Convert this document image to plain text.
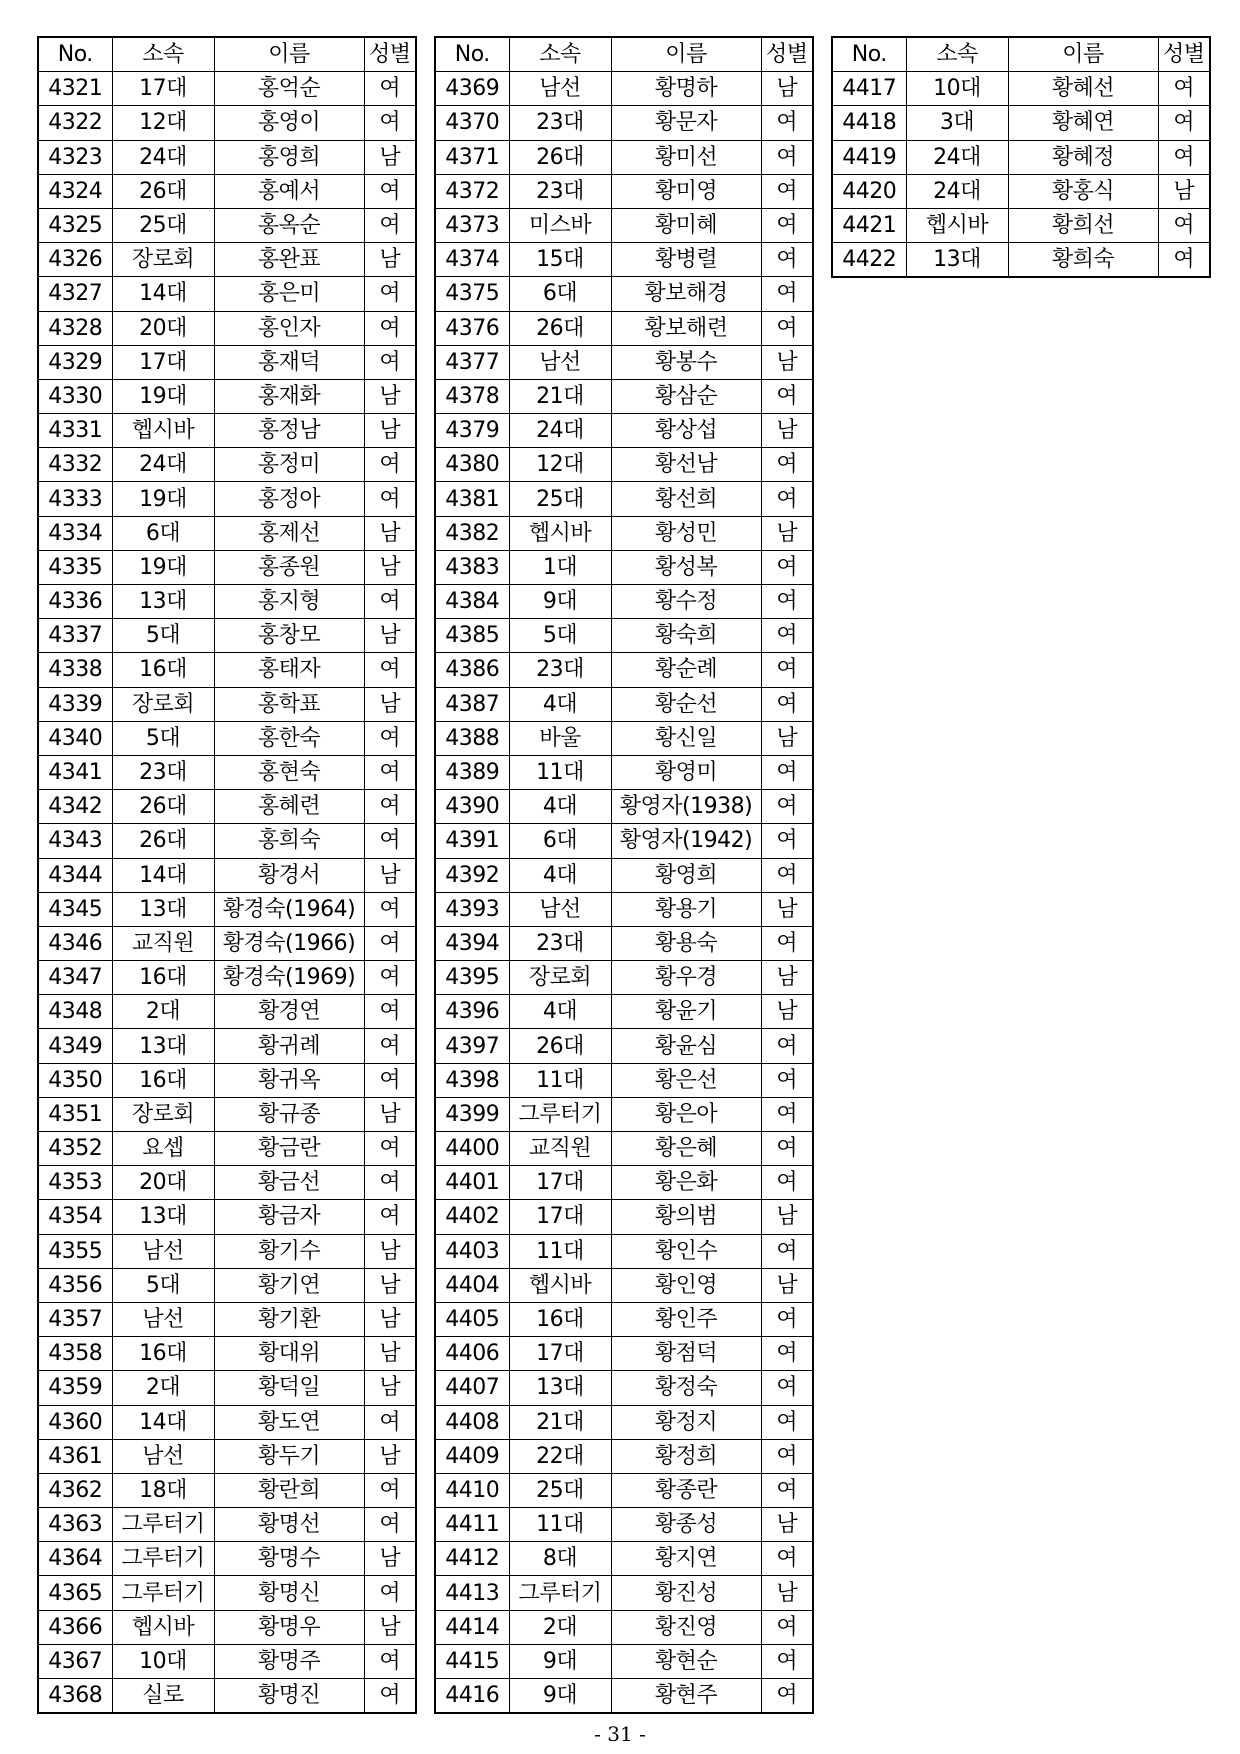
No.	소속	이름	성별
4321	17대	홍억순	여
4322	12대	홍영이	여
4323	24대	홍영희	남
4324	26대	홍예서	여
4325	25대	홍옥순	여
4326	장로회	홍완표	남
4327	14대	홍은미	여
4328	20대	홍인자	여
4329	17대	홍재덕	여
4330	19대	홍재화	남
4331	헵시바	홍정남	남
4332	24대	홍정미	여
4333	19대	홍정아	여
4334	6대	홍제선	남
4335	19대	홍종원	남
4336	13대	홍지형	여
4337	5대	홍창모	남
4338	16대	홍태자	여
4339	장로회	홍학표	남
4340	5대	홍한숙	여
4341	23대	홍현숙	여
4342	26대	홍혜련	여
4343	26대	홍희숙	여
4344	14대	황경서	남
4345	13대	황경숙(1964)	여
4346	교직원	황경숙(1966)	여
4347	16대	황경숙(1969)	여
4348	2대	황경연	여
4349	13대	황귀례	여
4350	16대	황귀옥	여
4351	장로회	황규종	남
4352	요셉	황금란	여
4353	20대	황금선	여
4354	13대	황금자	여
4355	남선	황기수	남
4356	5대	황기연	남
4357	남선	황기환	남
4358	16대	황대위	남
4359	2대	황덕일	남
4360	14대	황도연	여
4361	남선	황두기	남
4362	18대	황란희	여
4363	그루터기	황명선	여
4364	그루터기	황명수	남
4365	그루터기	황명신	여
4366	헵시바	황명우	남
4367	10대	황명주	여
4368	실로	황명진	여
No.	소속	이름	성별
4369	남선	황명하	남
4370	23대	황문자	여
4371	26대	황미선	여
4372	23대	황미영	여
4373	미스바	황미혜	여
4374	15대	황병렬	여
4375	6대	황보해경	여
4376	26대	황보해련	여
4377	남선	황봉수	남
4378	21대	황삼순	여
4379	24대	황상섭	남
4380	12대	황선남	여
4381	25대	황선희	여
4382	헵시바	황성민	남
4383	1대	황성복	여
4384	9대	황수정	여
4385	5대	황숙희	여
4386	23대	황순례	여
4387	4대	황순선	여
4388	바울	황신일	남
4389	11대	황영미	여
4390	4대	황영자(1938)	여
4391	6대	황영자(1942)	여
4392	4대	황영희	여
4393	남선	황용기	남
4394	23대	황용숙	여
4395	장로회	황우경	남
4396	4대	황윤기	남
4397	26대	황윤심	여
4398	11대	황은선	여
4399	그루터기	황은아	여
4400	교직원	황은혜	여
4401	17대	황은화	여
4402	17대	황의범	남
4403	11대	황인수	여
4404	헵시바	황인영	남
4405	16대	황인주	여
4406	17대	황점덕	여
4407	13대	황정숙	여
4408	21대	황정지	여
4409	22대	황정희	여
4410	25대	황종란	여
4411	11대	황종성	남
4412	8대	황지연	여
4413	그루터기	황진성	남
4414	2대	황진영	여
4415	9대	황현순	여
4416	9대	황현주	여
No.	소속	이름	성별
4417	10대	황혜선	여
4418	3대	황혜연	여
4419	24대	황혜정	여
4420	24대	황홍식	남
4421	헵시바	황희선	여
4422	13대	황희숙	여
- 31 -
